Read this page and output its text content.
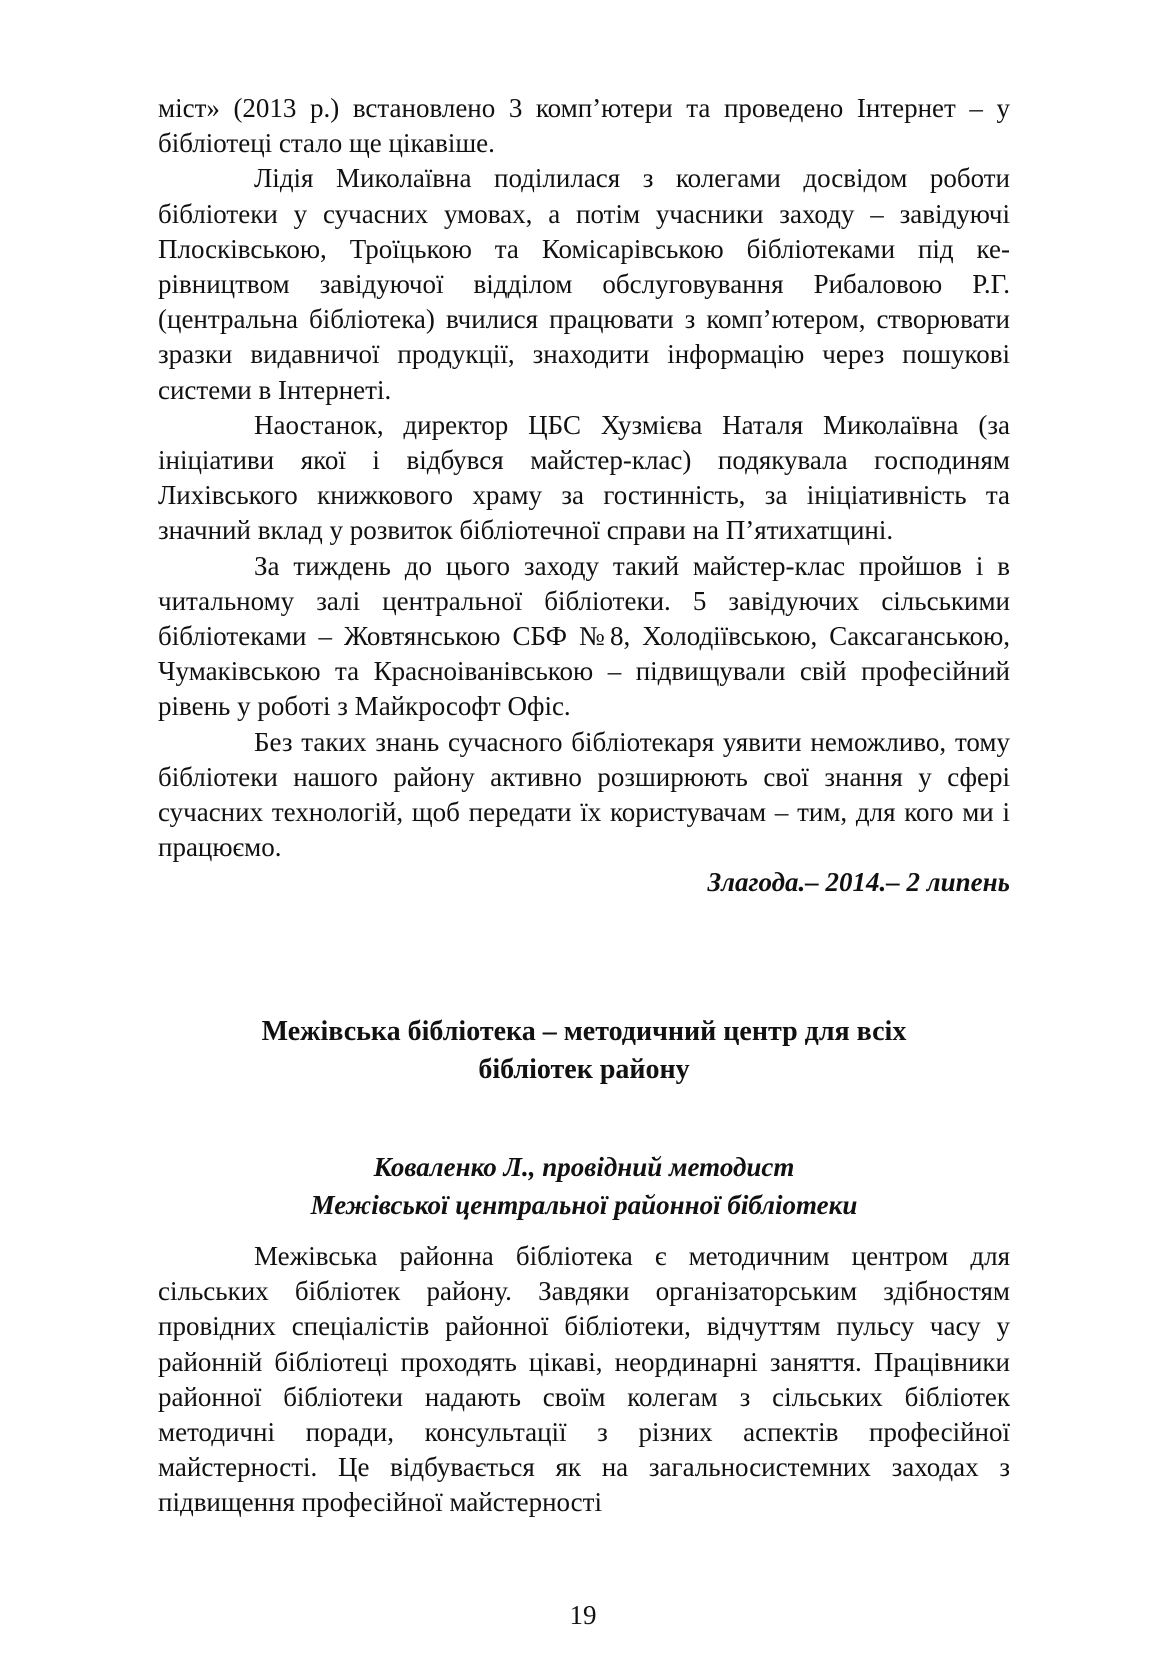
міст» (2013 р.) встановлено 3 комп’ютери та проведено Інтернет – у бібліотеці стало ще цікавіше.

Лідія Миколаївна поділилася з колегами досвідом роботи бібліотеки у сучасних умовах, а потім учасники заходу – завідуючі Плосківською, Троїцькою та Комісарівською бібліотеками під керівництвом завідуючої відділом обслуговування Рибаловою Р.Г. (центральна бібліотека) вчилися працювати з комп’ютером, створювати зразки видавничої продукції, знаходити інформацію через пошукові системи в Інтернеті.

Наостанок, директор ЦБС Хузмієва Наталя Миколаївна (за ініціативи якої і відбувся майстер-клас) подякувала господиням Лихівського книжкового храму за гостинність, за ініціативність та значний вклад у розвиток бібліотечної справи на П’ятихатщині.

За тиждень до цього заходу такий майстер-клас пройшов і в читальному залі центральної бібліотеки. 5 завідуючих сільськими бібліотеками – Жовтянською СБФ №8, Холодіївською, Саксаганською, Чумаківською та Красноіванівською – підвищували свій професійний рівень у роботі з Майкрософт Офіс.

Без таких знань сучасного бібліотекаря уявити неможливо, тому бібліотеки нашого району активно розширюють свої знання у сфері сучасних технологій, щоб передати їх користувачам – тим, для кого ми і працюємо.

Злагода.– 2014.– 2 липень

Межівська бібліотека – методичний центр для всіх
бібліотек району

Коваленко Л., провідний методист
Межівської центральної районної бібліотеки

Межівська районна бібліотека є методичним центром для сільських бібліотек району. Завдяки організаторським здібностям провідних спеціалістів районної бібліотеки, відчуттям пульсу часу у районній бібліотеці проходять цікаві, неординарні заняття. Працівники районної бібліотеки надають своїм колегам з сільських бібліотек методичні поради, консультації з різних аспектів професійної майстерності. Це відбувається як на загальносистемних заходах з підвищення професійної майстерності

19
